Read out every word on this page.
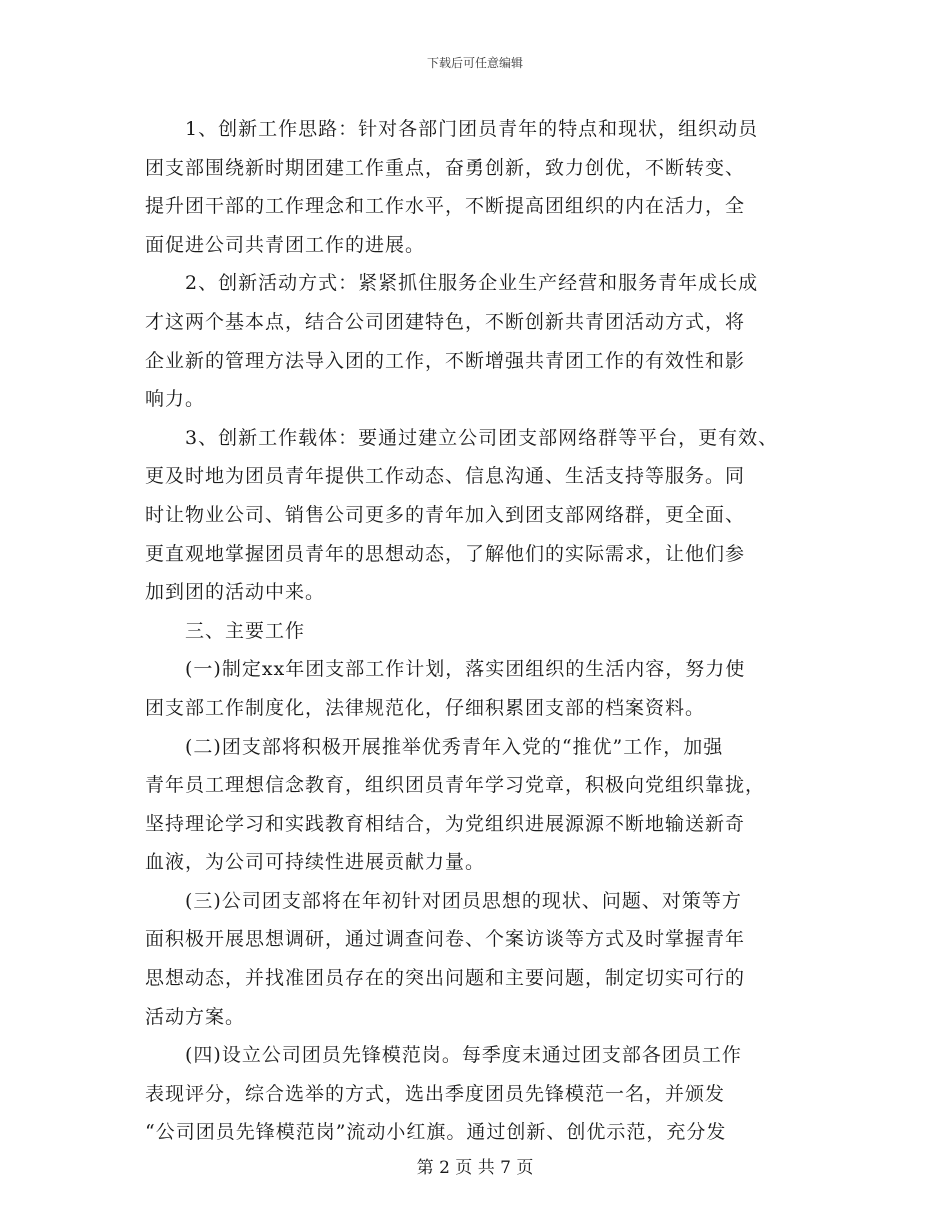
下载后可任意编辑
1、创新工作思路：针对各部门团员青年的特点和现状，组织动员
团支部围绕新时期团建工作重点，奋勇创新，致力创优，不断转变、
提升团干部的工作理念和工作水平，不断提高团组织的内在活力，全
面促进公司共青团工作的进展。
2、创新活动方式：紧紧抓住服务企业生产经营和服务青年成长成
才这两个基本点，结合公司团建特色，不断创新共青团活动方式，将
企业新的管理方法导入团的工作，不断增强共青团工作的有效性和影
响力。
3、创新工作载体：要通过建立公司团支部网络群等平台，更有效、
更及时地为团员青年提供工作动态、信息沟通、生活支持等服务。同
时让物业公司、销售公司更多的青年加入到团支部网络群，更全面、
更直观地掌握团员青年的思想动态，了解他们的实际需求，让他们参
加到团的活动中来。
三、主要工作
(一)制定xx年团支部工作计划，落实团组织的生活内容，努力使
团支部工作制度化，法律规范化，仔细积累团支部的档案资料。
(二)团支部将积极开展推举优秀青年入党的“推优”工作，加强
青年员工理想信念教育，组织团员青年学习党章，积极向党组织靠拢，
坚持理论学习和实践教育相结合，为党组织进展源源不断地输送新奇
血液，为公司可持续性进展贡献力量。
(三)公司团支部将在年初针对团员思想的现状、问题、对策等方
面积极开展思想调研，通过调查问卷、个案访谈等方式及时掌握青年
思想动态，并找准团员存在的突出问题和主要问题，制定切实可行的
活动方案。
(四)设立公司团员先锋模范岗。每季度末通过团支部各团员工作
表现评分，综合选举的方式，选出季度团员先锋模范一名，并颁发
“公司团员先锋模范岗”流动小红旗。通过创新、创优示范，充分发
第 2 页 共 7 页
